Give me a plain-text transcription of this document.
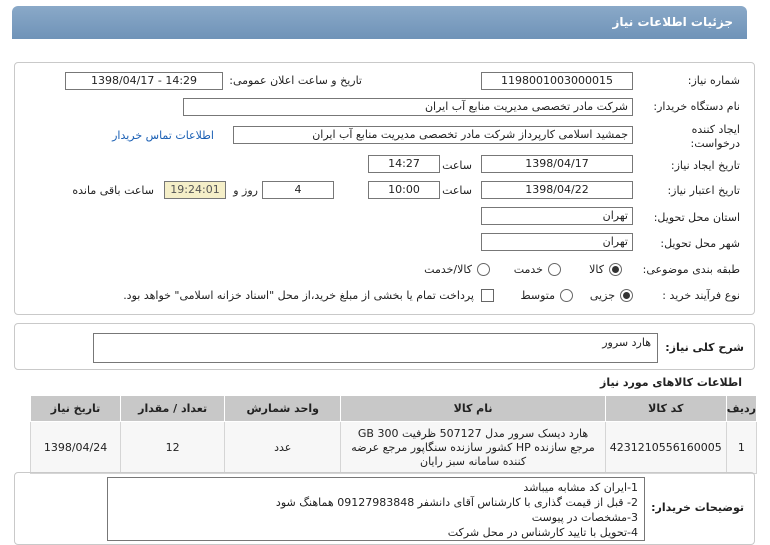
جزئیات اطلاعات نیاز
شماره نیاز:
1198001003000015
تاریخ و ساعت اعلان عمومی:
1398/04/17 - 14:29
نام دستگاه خریدار:
شرکت مادر تخصصی مدیریت منابع آب ایران
ایجاد کننده
درخواست:
جمشید اسلامی کارپرداز شرکت مادر تخصصی مدیریت منابع آب ایران
اطلاعات تماس خریدار
تاریخ ایجاد نیاز:
1398/04/17
ساعت
14:27
تاریخ اعتبار نیاز:
1398/04/22
ساعت
10:00
4
روز و
19:24:01
ساعت باقی مانده
استان محل تحویل:
تهران
شهر محل تحویل:
تهران
طبقه بندی موضوعی:
کالا
خدمت
کالا/خدمت
نوع فرآیند خرید :
جزیی
متوسط
پرداخت تمام یا بخشی از مبلغ خرید،از محل "اسناد خزانه اسلامی" خواهد بود.
شرح کلی نیاز:
هارد سرور
اطلاعات کالاهای مورد نیاز
ردیف	کد کالا	نام کالا	واحد شمارش	تعداد / مقدار	تاریخ نیاز
1	4231210556160005	هارد دیسک سرور مدل 507127 ظرفیت GB 300 مرجع سازنده HP کشور سازنده سنگاپور مرجع عرضه کننده سامانه سبز رایان	عدد	12	1398/04/24
توضیحات خریدار:
1-ایران کد مشابه میباشد
2- قبل از قیمت گذاری با کارشناس آقای دانشفر 09127983848 هماهنگ شود
3-مشخصات در پیوست
4-تحویل با تایید کارشناس در محل شرکت
